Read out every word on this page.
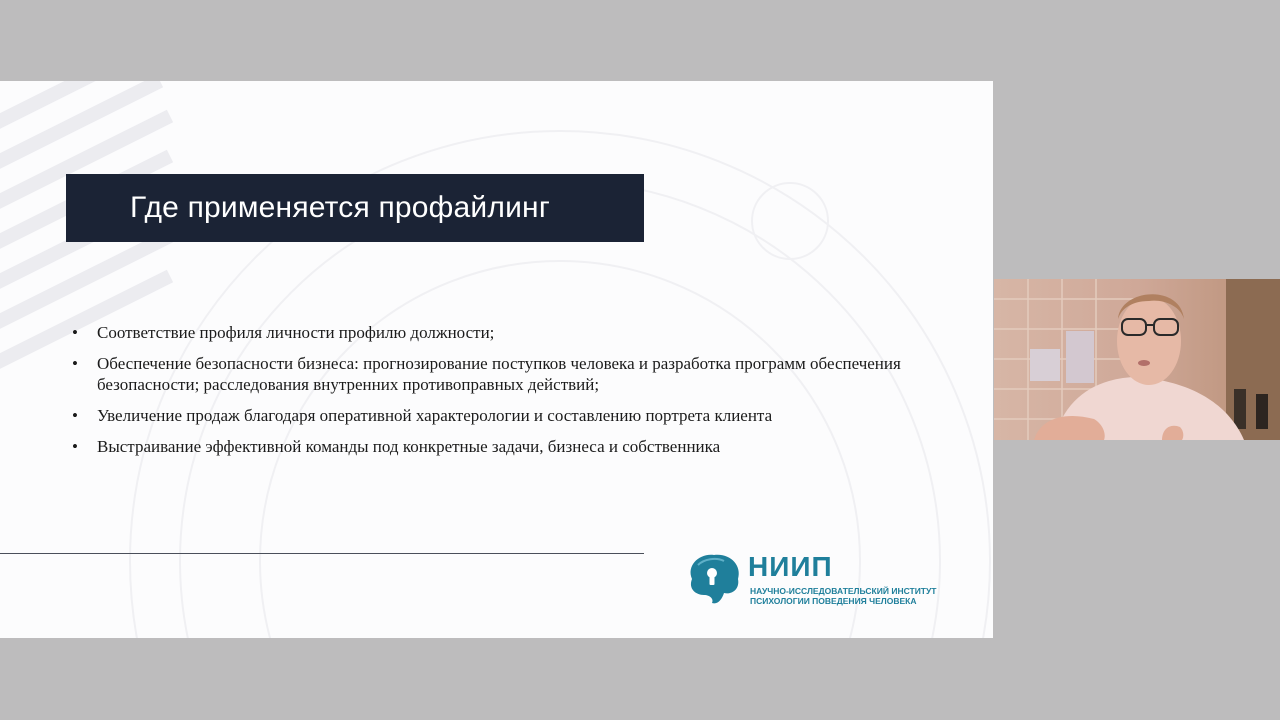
Где применяется профайлинг
• Соответствие профиля личности профилю должности;
• Обеспечение безопасности бизнеса: прогнозирование поступков человека и разработка программ обеспечения безопасности; расследования внутренних противоправных действий;
• Увеличение продаж благодаря оперативной характерологии и составлению портрета клиента
• Выстраивание эффективной команды под конкретные задачи, бизнеса и собственника
НИИП
НАУЧНО-ИССЛЕДОВАТЕЛЬСКИЙ ИНСТИТУТ
ПСИХОЛОГИИ ПОВЕДЕНИЯ ЧЕЛОВЕКА
